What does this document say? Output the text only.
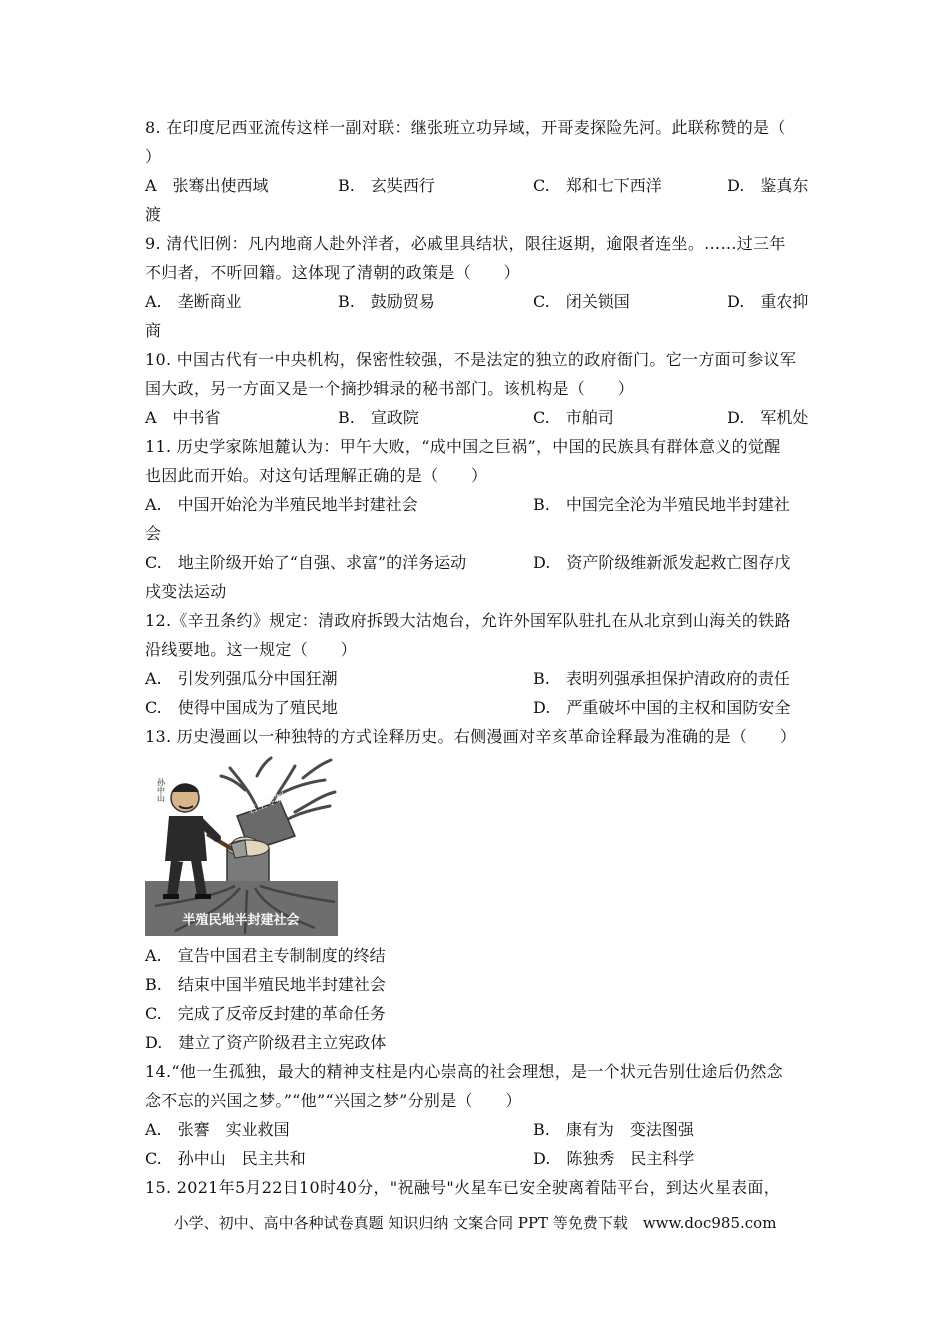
8. 在印度尼西亚流传这样一副对联：继张班立功异域，开哥麦探险先河。此联称赞的是（
）
A　张骞出使西域	B.　玄奘西行	C.　郑和七下西洋	D.　鉴真东
渡
9. 清代旧例：凡内地商人赴外洋者，必戚里具结状，限往返期，逾限者连坐。……过三年
不归者，不听回籍。这体现了清朝的政策是（　　）
A.　垄断商业	B.　鼓励贸易	C.　闭关锁国	D.　重农抑
商
10. 中国古代有一中央机构，保密性较强，不是法定的独立的政府衙门。它一方面可参议军
国大政，另一方面又是一个摘抄辑录的秘书部门。该机构是（　　）
A　中书省	B.　宣政院	C.　市舶司	D.　军机处
11. 历史学家陈旭麓认为：甲午大败，“成中国之巨祸”，中国的民族具有群体意义的觉醒
也因此而开始。对这句话理解正确的是（　　）
A.　中国开始沦为半殖民地半封建社会	B.　中国完全沦为半殖民地半封建社
会
C.　地主阶级开始了“自强、求富”的洋务运动	D.　资产阶级维新派发起救亡图存戊
戌变法运动
12.《辛丑条约》规定：清政府拆毁大沽炮台，允许外国军队驻扎在从北京到山海关的铁路
沿线要地。这一规定（　　）
A.　引发列强瓜分中国狂潮	B.　表明列强承担保护清政府的责任
C.　使得中国成为了殖民地	D.　严重破坏中国的主权和国防安全
13. 历史漫画以一种独特的方式诠释历史。右侧漫画对辛亥革命诠释最为准确的是（　　）
孙中山
君主专制
半殖民地半封建社会
A.　宣告中国君主专制制度的终结
B.　结束中国半殖民地半封建社会
C.　完成了反帝反封建的革命任务
D.　建立了资产阶级君主立宪政体
14.“他一生孤独，最大的精神支柱是内心崇高的社会理想，是一个状元告别仕途后仍然念
念不忘的兴国之梦。”“他”“兴国之梦”分别是（　　）
A.　张謇　实业救国	B.　康有为　变法图强
C.　孙中山　民主共和	D.　陈独秀　民主科学
15. 2021年5月22日10时40分，"祝融号"火星车已安全驶离着陆平台，到达火星表面，
小学、初中、高中各种试卷真题 知识归纳 文案合同 PPT 等免费下载　www.doc985.com
